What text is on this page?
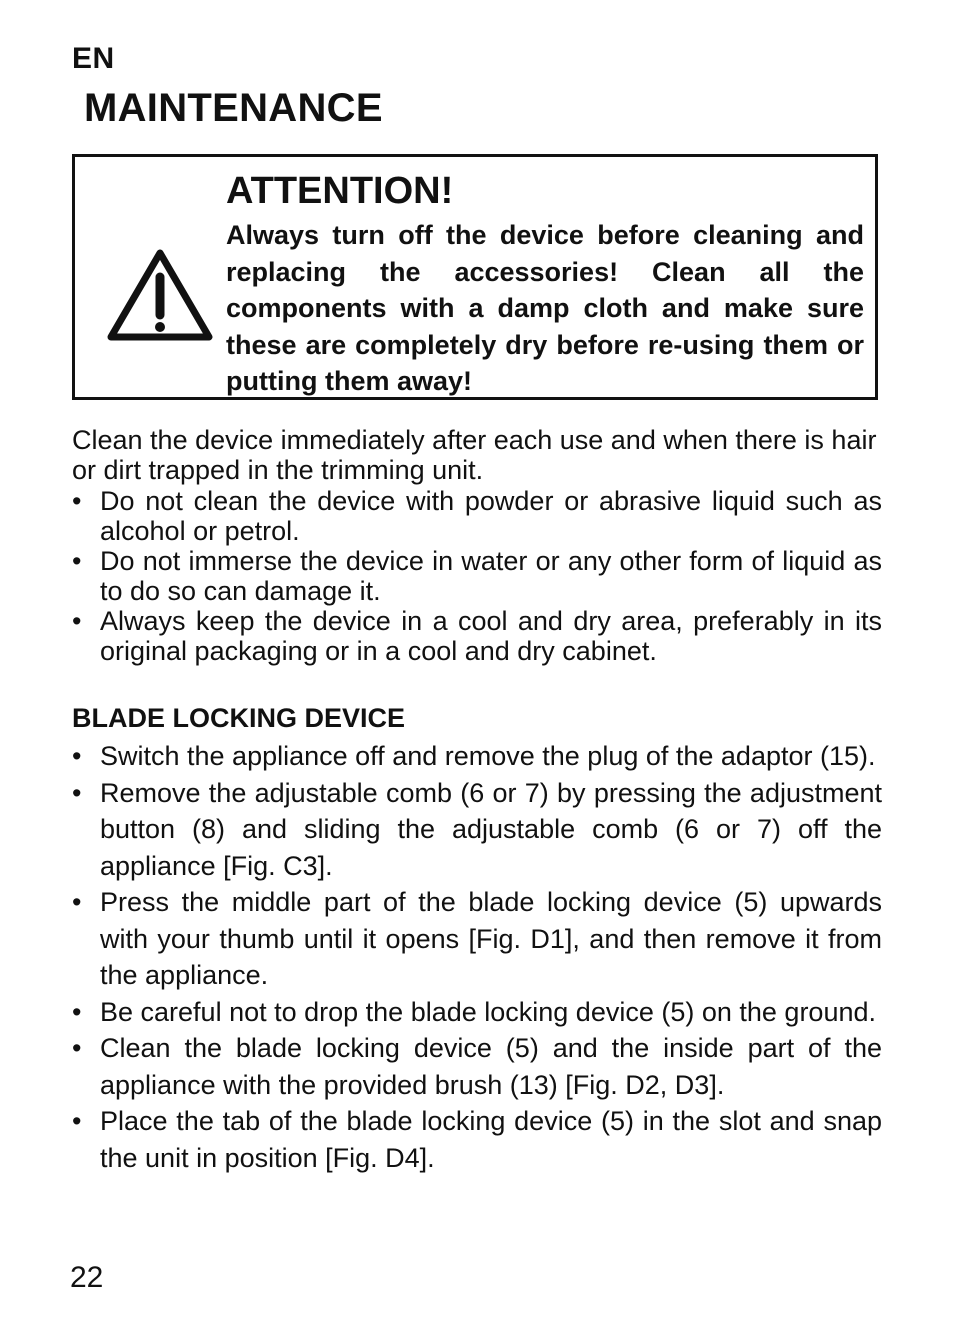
EN
MAINTENANCE
ATTENTION!

Always turn off the device before cleaning and replacing the accessories! Clean all the components with a damp cloth and make sure these are completely dry before re-using them or putting them away!

Clean the device immediately after each use and when there is hair or dirt trapped in the trimming unit.

• Do not clean the device with powder or abrasive liquid such as alcohol or petrol.
• Do not immerse the device in water or any other form of liquid as to do so can damage it.
• Always keep the device in a cool and dry area, preferably in its original packaging or in a cool and dry cabinet.
BLADE LOCKING DEVICE
• Switch the appliance off and remove the plug of the adaptor (15).
• Remove the adjustable comb (6 or 7) by pressing the adjustment button (8) and sliding the adjustable comb (6 or 7) off the appliance [Fig. C3].
• Press the middle part of the blade locking device (5) upwards with your thumb until it opens [Fig. D1], and then remove it from the appliance.
• Be careful not to drop the blade locking device (5) on the ground.
• Clean the blade locking device (5) and the inside part of the appliance with the provided brush (13) [Fig. D2, D3].
• Place the tab of the blade locking device (5) in the slot and snap the unit in position [Fig. D4].
22
